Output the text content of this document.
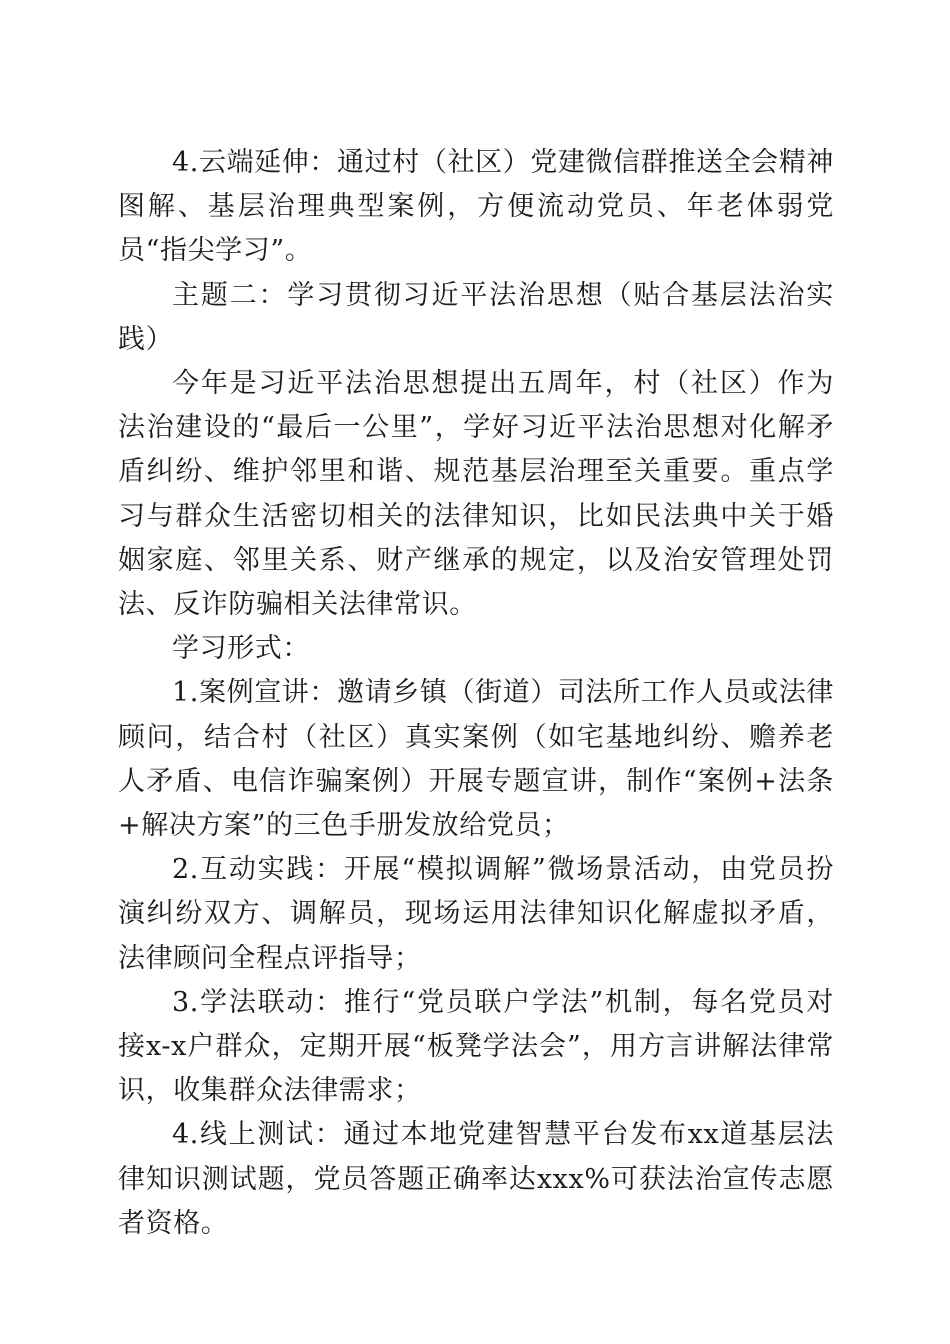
4.云端延伸：通过村（社区）党建微信群推送全会精神图解、基层治理典型案例，方便流动党员、年老体弱党员“指尖学习”。

主题二：学习贯彻习近平法治思想（贴合基层法治实践）

今年是习近平法治思想提出五周年，村（社区）作为法治建设的“最后一公里”，学好习近平法治思想对化解矛盾纠纷、维护邻里和谐、规范基层治理至关重要。重点学习与群众生活密切相关的法律知识，比如民法典中关于婚姻家庭、邻里关系、财产继承的规定，以及治安管理处罚法、反诈防骗相关法律常识。

学习形式：

1.案例宣讲：邀请乡镇（街道）司法所工作人员或法律顾问，结合村（社区）真实案例（如宅基地纠纷、赡养老人矛盾、电信诈骗案例）开展专题宣讲，制作“案例+法条+解决方案”的三色手册发放给党员；

2.互动实践：开展“模拟调解”微场景活动，由党员扮演纠纷双方、调解员，现场运用法律知识化解虚拟矛盾，法律顾问全程点评指导；

3.学法联动：推行“党员联户学法”机制，每名党员对接x-x户群众，定期开展“板凳学法会”，用方言讲解法律常识，收集群众法律需求；

4.线上测试：通过本地党建智慧平台发布xx道基层法律知识测试题，党员答题正确率达xxx%可获法治宣传志愿者资格。
